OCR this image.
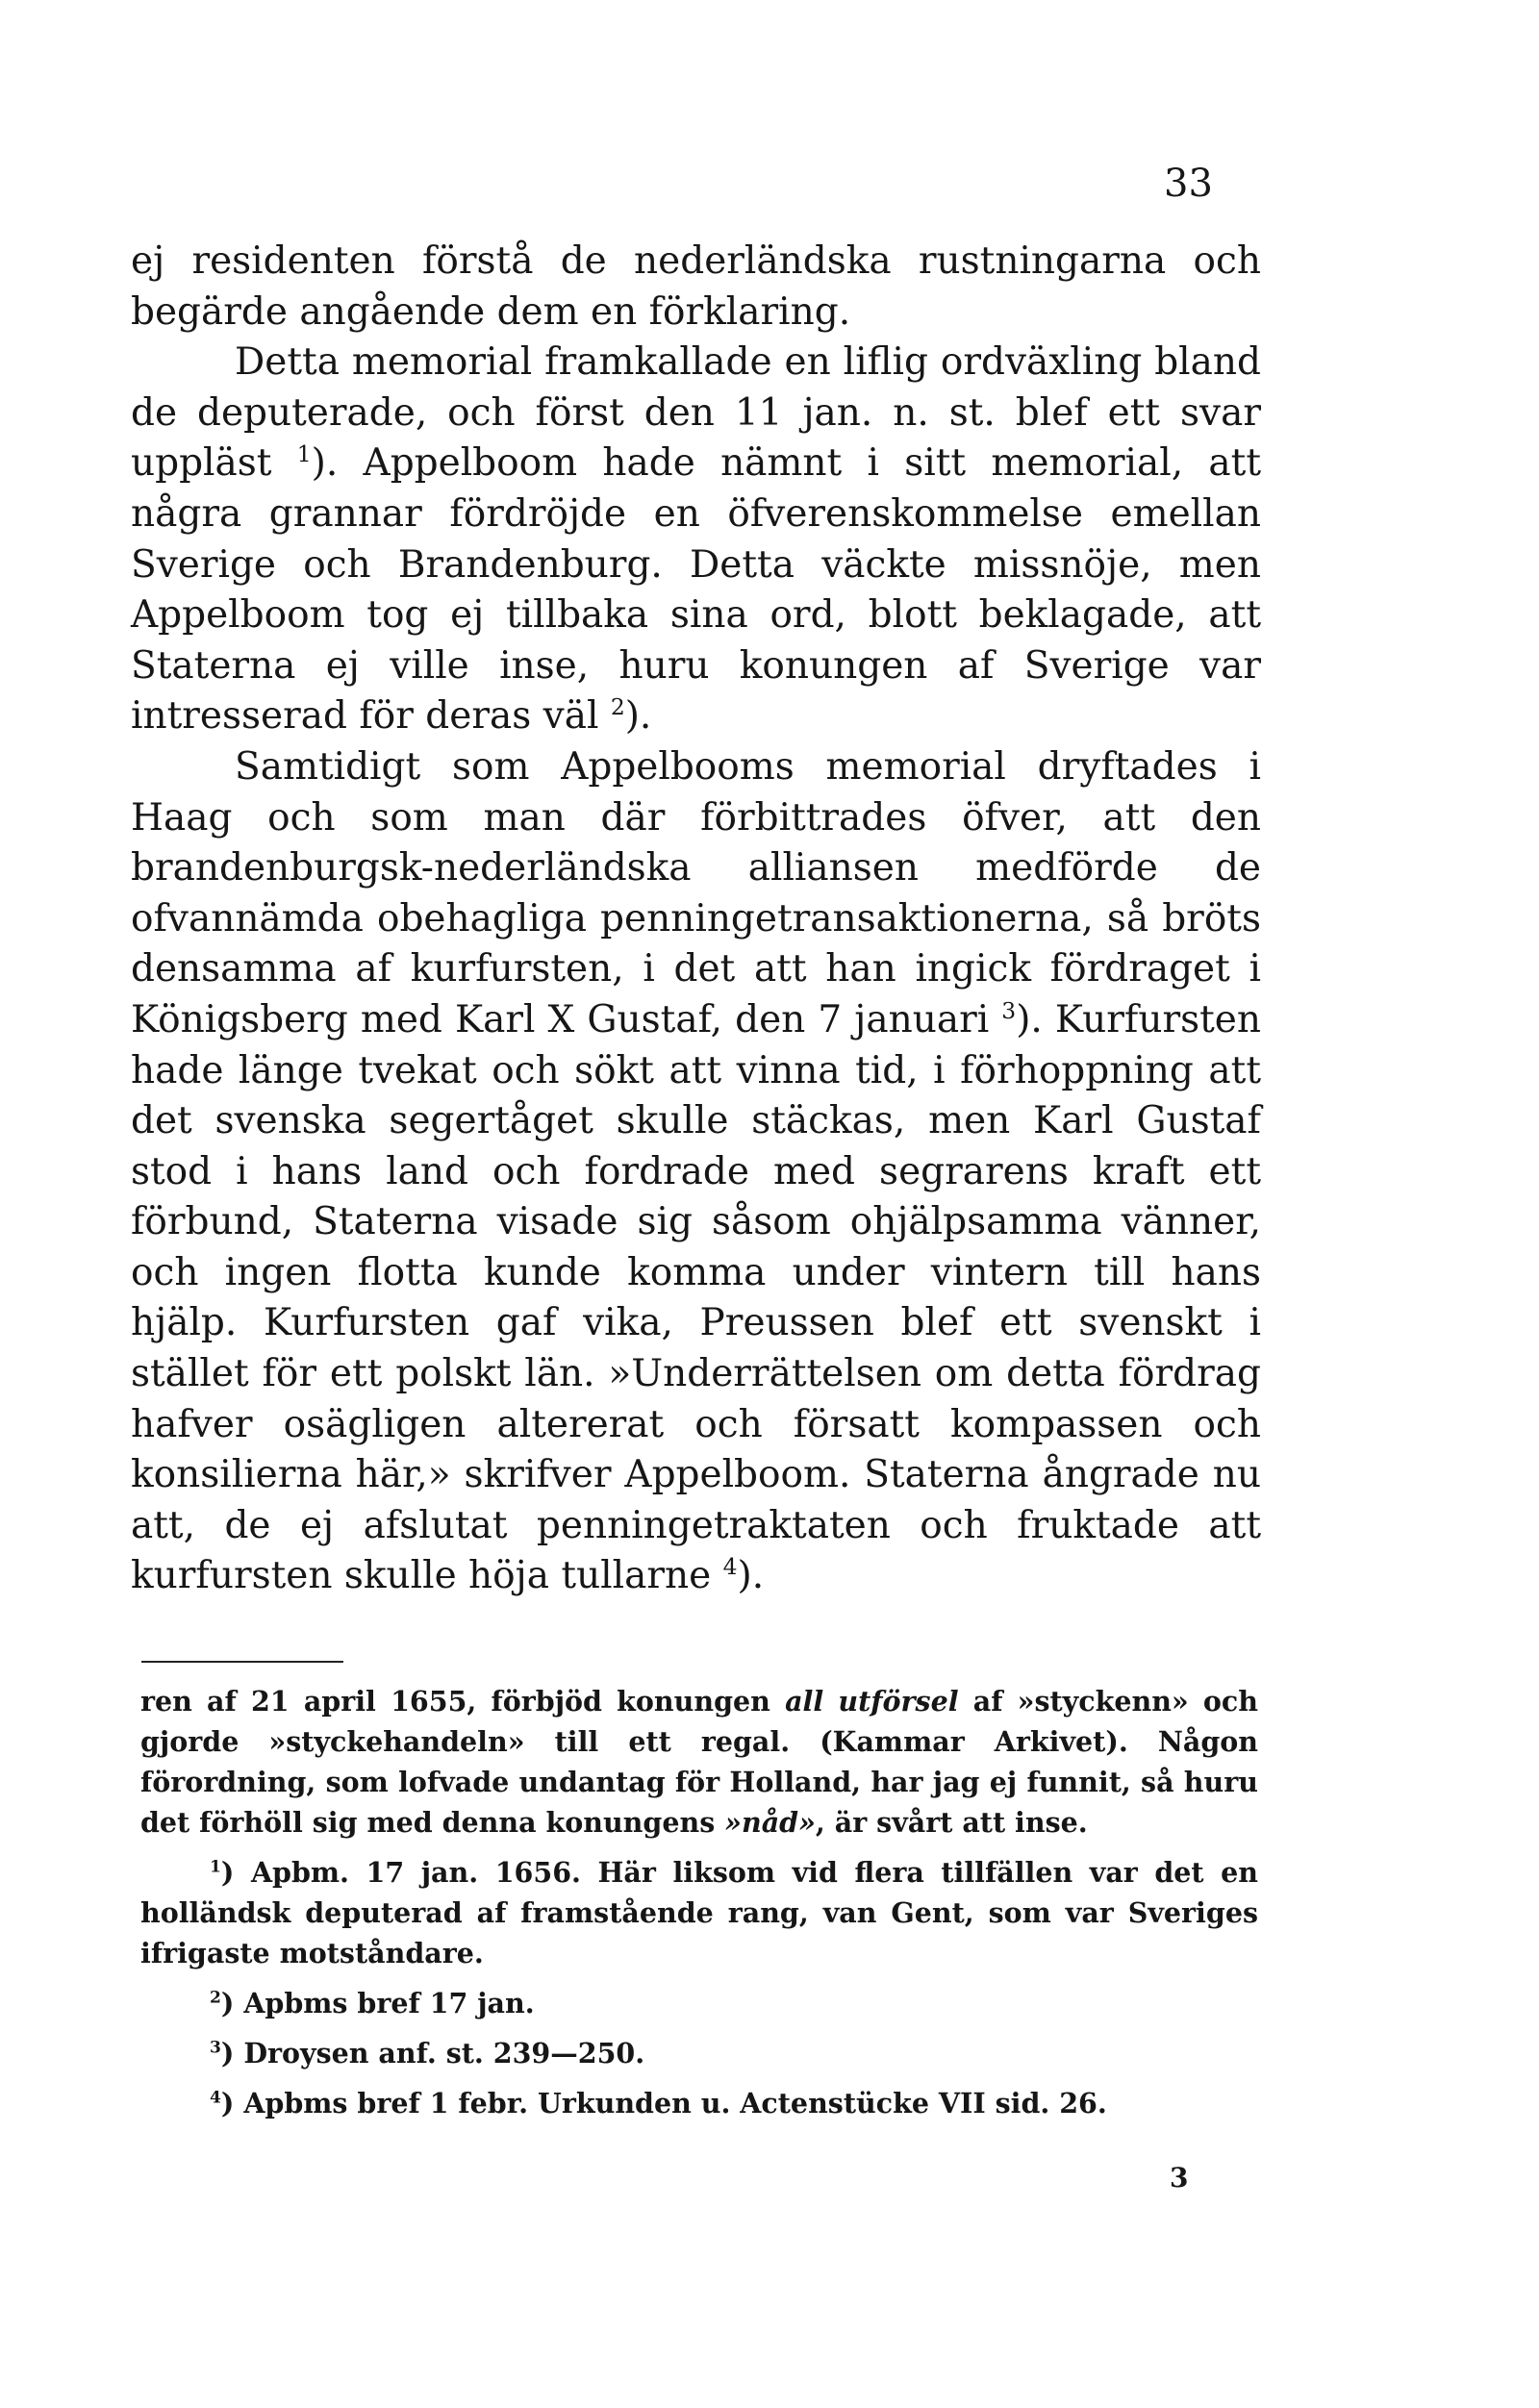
33

ej residenten förstå de nederländska rustningarna och begärde angående dem en förklaring.

Detta memorial framkallade en liflig ordväxling bland de deputerade, och först den 11 jan. n. st. blef ett svar uppläst $^1$). Appelboom hade nämnt i sitt memorial, att några grannar fördröjde en öfverenskommelse emellan Sverige och Brandenburg. Detta väckte missnöje, men Appelboom tog ej tillbaka sina ord, blott beklagade, att Staterna ej ville inse, huru konungen af Sverige var intresserad för deras väl $^2$).

Samtidigt som Appelbooms memorial dryftades i Haag och som man där förbittrades öfver, att den brandenburgsk-nederländska alliansen medförde de ofvannämda obehagliga penningetransaktionerna, så bröts densamma af kurfursten, i det att han ingick fördraget i Königsberg med Karl X Gustaf, den 7 januari $^3$). Kurfursten hade länge tvekat och sökt att vinna tid, i förhoppning att det svenska segertåget skulle stäckas, men Karl Gustaf stod i hans land och fordrade med segrarens kraft ett förbund, Staterna visade sig såsom ohjälpsamma vänner, och ingen flotta kunde komma under vintern till hans hjälp. Kurfursten gaf vika, Preussen blef ett svenskt i stället för ett polskt län. »Underrättelsen om detta fördrag hafver osägligen altererat och försatt kompassen och konsilierna här,» skrifver Appelboom. Staterna ångrade nu att, de ej afslutat penningetraktaten och fruktade att kurfursten skulle höja tullarne $^4$).

ren af 21 april 1655, förbjöd konungen all utförsel af »styckenn» och gjorde »styckehandeln» till ett regal. (Kammar Arkivet). Någon förordning, som lofvade undantag för Holland, har jag ej funnit, så huru det förhöll sig med denna konungens »nåd», är svårt att inse.

$^1$) Apbm. 17 jan. 1656. Här liksom vid flera tillfällen var det en holländsk deputerad af framstående rang, van Gent, som var Sveriges ifrigaste motståndare.

$^2$) Apbms bref 17 jan.

$^3$) Droysen anf. st. 239—250.

$^4$) Apbms bref 1 febr. Urkunden u. Actenstücke VII sid. 26.

3
